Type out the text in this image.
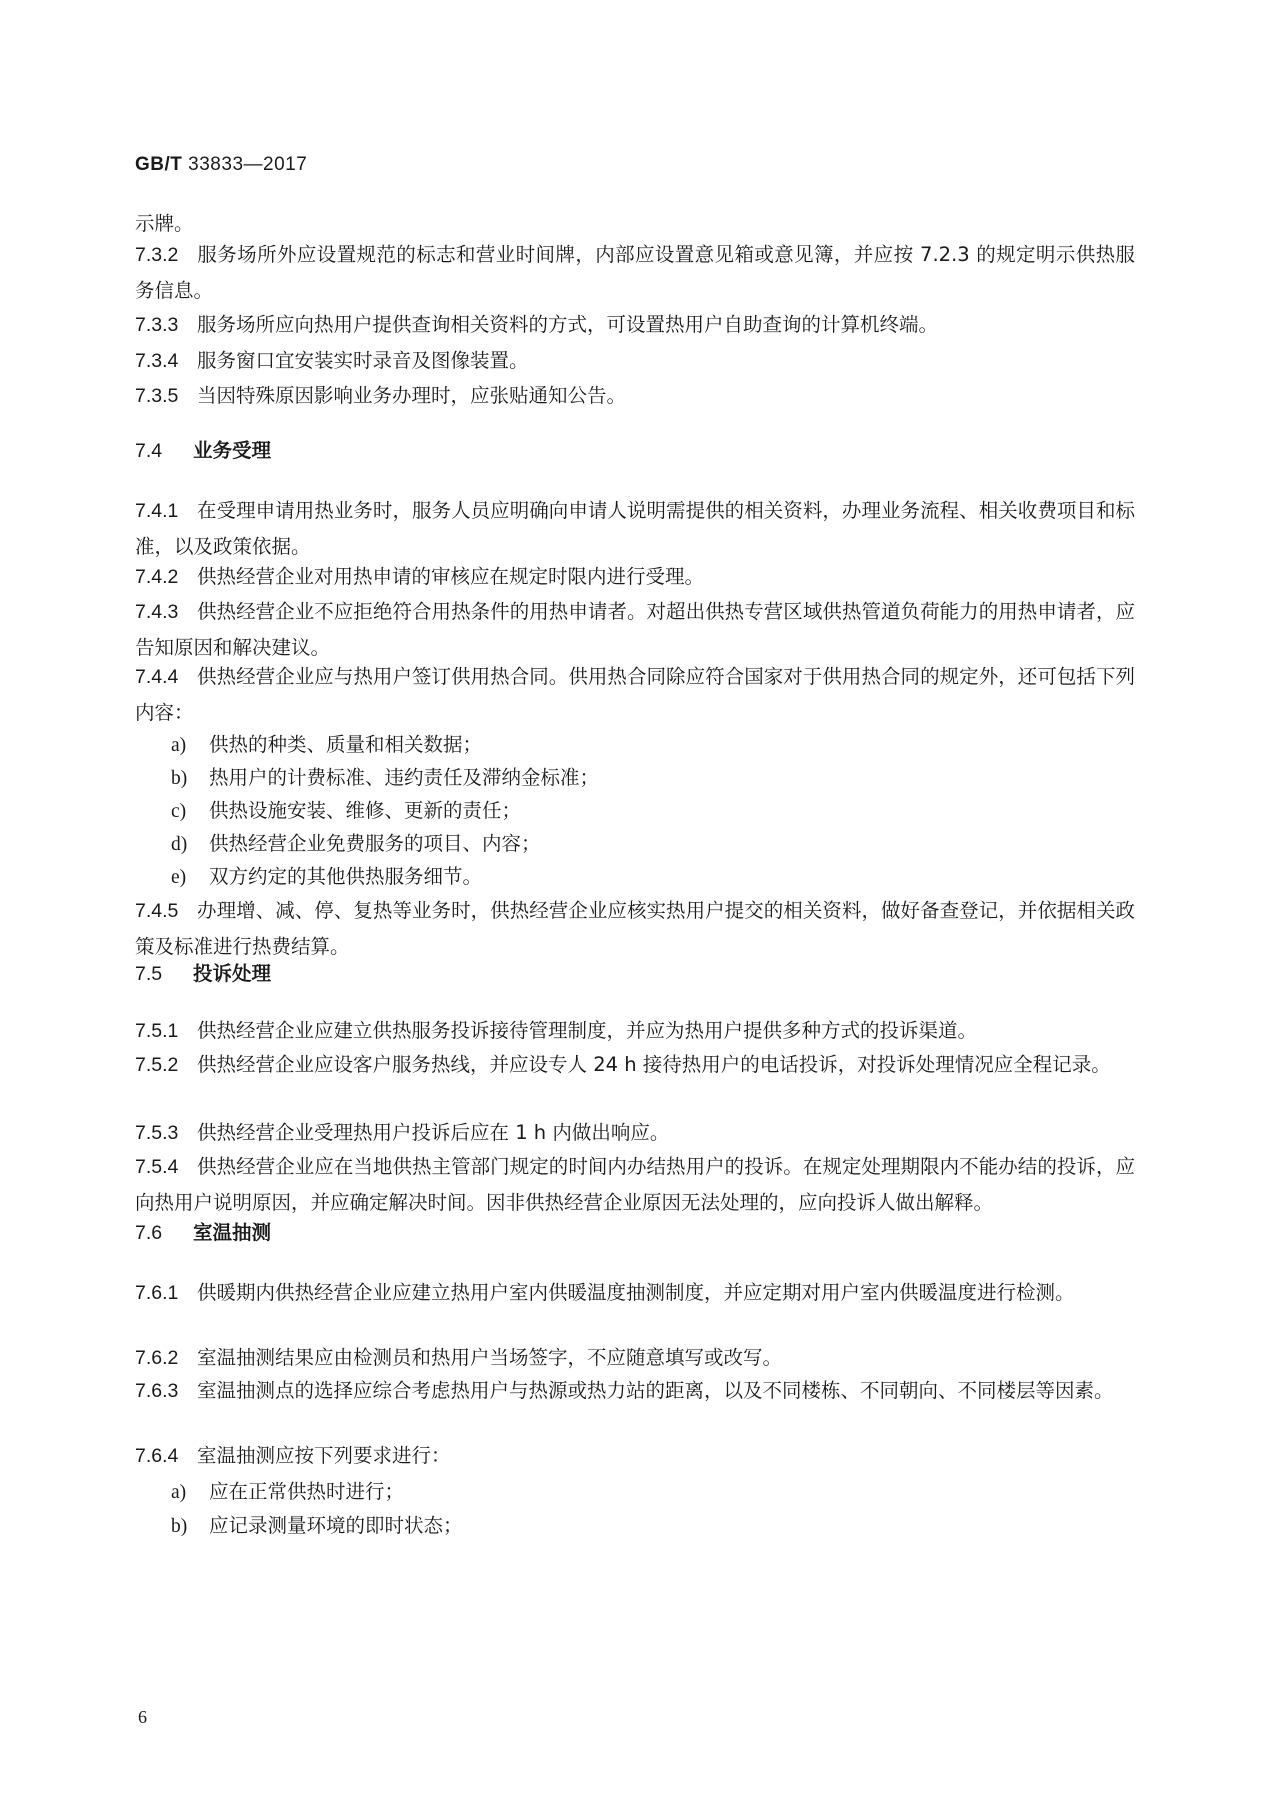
GB/T 33833—2017
示牌。
7.3.2 服务场所外应设置规范的标志和营业时间牌，内部应设置意见箱或意见簿，并应按 7.2.3 的规定明示供热服务信息。
7.3.3 服务场所应向热用户提供查询相关资料的方式，可设置热用户自助查询的计算机终端。
7.3.4 服务窗口宜安装实时录音及图像装置。
7.3.5 当因特殊原因影响业务办理时，应张贴通知公告。
7.4 业务受理
7.4.1 在受理申请用热业务时，服务人员应明确向申请人说明需提供的相关资料，办理业务流程、相关收费项目和标准，以及政策依据。
7.4.2 供热经营企业对用热申请的审核应在规定时限内进行受理。
7.4.3 供热经营企业不应拒绝符合用热条件的用热申请者。对超出供热专营区域供热管道负荷能力的用热申请者，应告知原因和解决建议。
7.4.4 供热经营企业应与热用户签订供用热合同。供用热合同除应符合国家对于供用热合同的规定外，还可包括下列内容：
a) 供热的种类、质量和相关数据；
b) 热用户的计费标准、违约责任及滞纳金标准；
c) 供热设施安装、维修、更新的责任；
d) 供热经营企业免费服务的项目、内容；
e) 双方约定的其他供热服务细节。
7.4.5 办理增、减、停、复热等业务时，供热经营企业应核实热用户提交的相关资料，做好备查登记，并依据相关政策及标准进行热费结算。
7.5 投诉处理
7.5.1 供热经营企业应建立供热服务投诉接待管理制度，并应为热用户提供多种方式的投诉渠道。
7.5.2 供热经营企业应设客户服务热线，并应设专人 24 h 接待热用户的电话投诉，对投诉处理情况应全程记录。
7.5.3 供热经营企业受理热用户投诉后应在 1 h 内做出响应。
7.5.4 供热经营企业应在当地供热主管部门规定的时间内办结热用户的投诉。在规定处理期限内不能办结的投诉，应向热用户说明原因，并应确定解决时间。因非供热经营企业原因无法处理的，应向投诉人做出解释。
7.6 室温抽测
7.6.1 供暖期内供热经营企业应建立热用户室内供暖温度抽测制度，并应定期对用户室内供暖温度进行检测。
7.6.2 室温抽测结果应由检测员和热用户当场签字，不应随意填写或改写。
7.6.3 室温抽测点的选择应综合考虑热用户与热源或热力站的距离，以及不同楼栋、不同朝向、不同楼层等因素。
7.6.4 室温抽测应按下列要求进行：
a) 应在正常供热时进行；
b) 应记录测量环境的即时状态；
6
